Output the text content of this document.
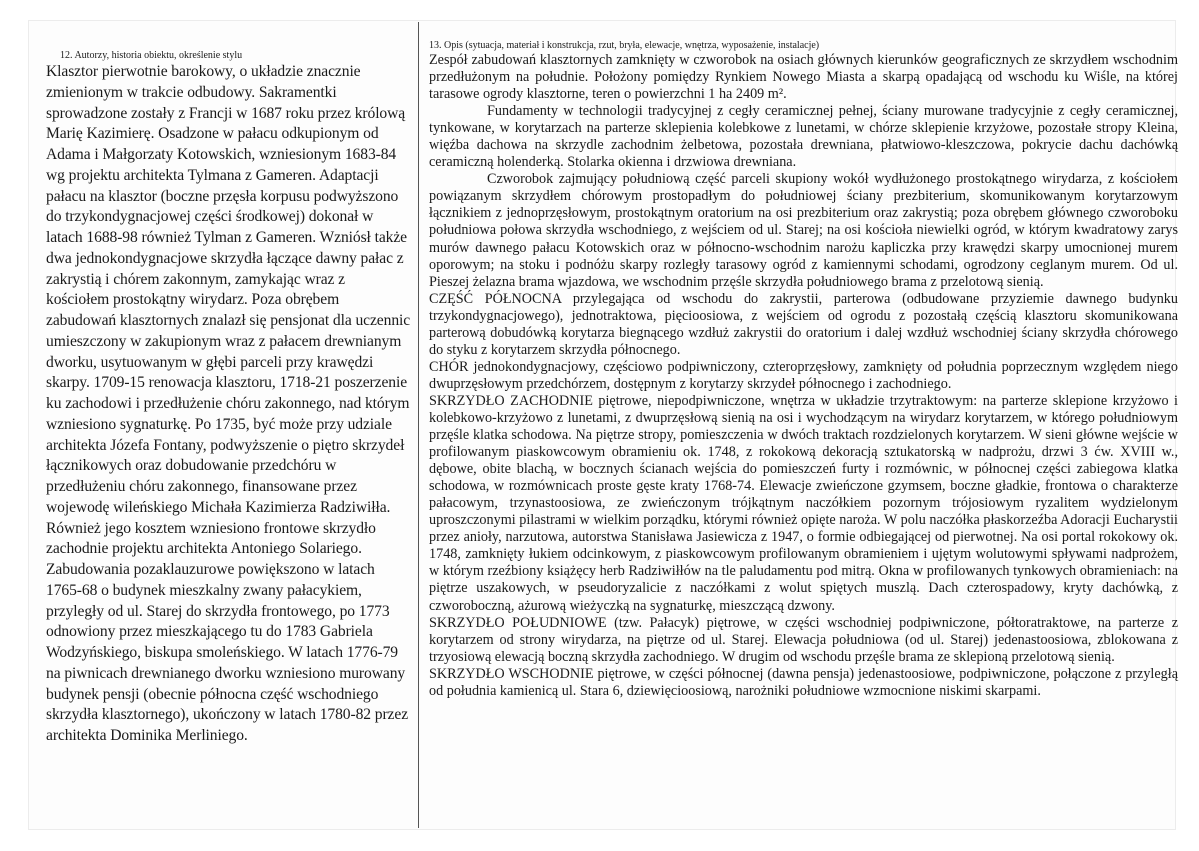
12. Autorzy, historia obiektu, określenie stylu

Klasztor pierwotnie barokowy, o układzie znacznie zmienionym w trakcie odbudowy. Sakramentki sprowadzone zostały z Francji w 1687 roku przez królową Marię Kazimierę. Osadzone w pałacu odkupionym od Adama i Małgorzaty Kotowskich, wzniesionym 1683-84 wg projektu architekta Tylmana z Gameren. Adaptacji pałacu na klasztor (boczne przęsła korpusu podwyższono do trzykondygnacjowej części środkowej) dokonał w latach 1688-98 również Tylman z Gameren. Wzniósł także dwa jednokondygnacjowe skrzydła łączące dawny pałac z zakrystią i chórem zakonnym, zamykając wraz z kościołem prostokątny wirydarz. Poza obrębem zabudowań klasztornych znalazł się pensjonat dla uczennic umieszczony w zakupionym wraz z pałacem drewnianym dworku, usytuowanym w głębi parceli przy krawędzi skarpy. 1709-15 renowacja klasztoru, 1718-21 poszerzenie ku zachodowi i przedłużenie chóru zakonnego, nad którym wzniesiono sygnaturkę. Po 1735, być może przy udziale architekta Józefa Fontany, podwyższenie o piętro skrzydeł łącznikowych oraz dobudowanie przedchóru w przedłużeniu chóru zakonnego, finansowane przez wojewodę wileńskiego Michała Kazimierza Radziwiłła. Również jego kosztem wzniesiono frontowe skrzydło zachodnie projektu architekta Antoniego Solariego. Zabudowania pozaklauzurowe powiększono w latach 1765-68 o budynek mieszkalny zwany pałacykiem, przyległy od ul. Starej do skrzydła frontowego, po 1773 odnowiony przez mieszkającego tu do 1783 Gabriela Wodzyńskiego, biskupa smoleńskiego. W latach 1776-79 na piwnicach drewnianego dworku wzniesiono murowany budynek pensji (obecnie północna część wschodniego skrzydła klasztornego), ukończony w latach 1780-82 przez architekta Dominika Merliniego.

13. Opis (sytuacja, materiał i konstrukcja, rzut, bryła, elewacje, wnętrza, wyposażenie, instalacje)

Zespół zabudowań klasztornych zamknięty w czworobok na osiach głównych kierunków geograficznych ze skrzydłem wschodnim przedłużonym na południe. Położony pomiędzy Rynkiem Nowego Miasta a skarpą opadającą od wschodu ku Wiśle, na której tarasowe ogrody klasztorne, teren o powierzchni 1 ha 2409 m².

Fundamenty w technologii tradycyjnej z cegły ceramicznej pełnej, ściany murowane tradycyjnie z cegły ceramicznej, tynkowane, w korytarzach na parterze sklepienia kolebkowe z lunetami, w chórze sklepienie krzyżowe, pozostałe stropy Kleina, więźba dachowa na skrzydle zachodnim żelbetowa, pozostała drewniana, płatwiowo-kleszczowa, pokrycie dachu dachówką ceramiczną holenderką. Stolarka okienna i drzwiowa drewniana.

Czworobok zajmujący południową część parceli skupiony wokół wydłużonego prostokątnego wirydarza, z kościołem powiązanym skrzydłem chórowym prostopadłym do południowej ściany prezbiterium, skomunikowanym korytarzowym łącznikiem z jednoprzęsłowym, prostokątnym oratorium na osi prezbiterium oraz zakrystią; poza obrębem głównego czworoboku południowa połowa skrzydła wschodniego, z wejściem od ul. Starej; na osi kościoła niewielki ogród, w którym kwadratowy zarys murów dawnego pałacu Kotowskich oraz w północno-wschodnim narożu kapliczka przy krawędzi skarpy umocnionej murem oporowym; na stoku i podnóżu skarpy rozległy tarasowy ogród z kamiennymi schodami, ogrodzony ceglanym murem. Od ul. Pieszej żelazna brama wjazdowa, we wschodnim przęśle skrzydła południowego brama z przelotową sienią.

CZĘŚĆ PÓŁNOCNA przylegająca od wschodu do zakrystii, parterowa (odbudowane przyziemie dawnego budynku trzykondygnacjowego), jednotraktowa, pięcioosiowa, z wejściem od ogrodu z pozostałą częścią klasztoru skomunikowana parterową dobudówką korytarza biegnącego wzdłuż zakrystii do oratorium i dalej wzdłuż wschodniej ściany skrzydła chórowego do styku z korytarzem skrzydła północnego.

CHÓR jednokondygnacjowy, częściowo podpiwniczony, czteroprzęsłowy, zamknięty od południa poprzecznym względem niego dwuprzęsłowym przedchórzem, dostępnym z korytarzy skrzydeł północnego i zachodniego.

SKRZYDŁO ZACHODNIE piętrowe, niepodpiwniczone, wnętrza w układzie trzytraktowym: na parterze sklepione krzyżowo i kolebkowo-krzyżowo z lunetami, z dwuprzęsłową sienią na osi i wychodzącym na wirydarz korytarzem, w którego południowym przęśle klatka schodowa. Na piętrze stropy, pomieszczenia w dwóch traktach rozdzielonych korytarzem. W sieni główne wejście w profilowanym piaskowcowym obramieniu ok. 1748, z rokokową dekoracją sztukatorską w nadprożu, drzwi 3 ćw. XVIII w., dębowe, obite blachą, w bocznych ścianach wejścia do pomieszczeń furty i rozmównic, w północnej części zabiegowa klatka schodowa, w rozmównicach proste gęste kraty 1768-74. Elewacje zwieńczone gzymsem, boczne gładkie, frontowa o charakterze pałacowym, trzynastoosiowa, ze zwieńczonym trójkątnym naczółkiem pozornym trójosiowym ryzalitem wydzielonym uproszczonymi pilastrami w wielkim porządku, którymi również opięte naroża. W polu naczółka płaskorzeźba Adoracji Eucharystii przez anioły, narzutowa, autorstwa Stanisława Jasiewicza z 1947, o formie odbiegającej od pierwotnej. Na osi portal rokokowy ok. 1748, zamknięty łukiem odcinkowym, z piaskowcowym profilowanym obramieniem i ujętym wolutowymi spływami nadprożem, w którym rzeźbiony książęcy herb Radziwiłłów na tle paludamentu pod mitrą. Okna w profilowanych tynkowych obramieniach: na piętrze uszakowych, w pseudoryzalicie z naczółkami z wolut spiętych muszlą. Dach czterospadowy, kryty dachówką, z czworoboczną, ażurową wieżyczką na sygnaturkę, mieszczącą dzwony.

SKRZYDŁO POŁUDNIOWE (tzw. Pałacyk) piętrowe, w części wschodniej podpiwniczone, półtoratraktowe, na parterze z korytarzem od strony wirydarza, na piętrze od ul. Starej. Elewacja południowa (od ul. Starej) jedenastoosiowa, zblokowana z trzyosiową elewacją boczną skrzydła zachodniego. W drugim od wschodu przęśle brama ze sklepioną przelotową sienią.

SKRZYDŁO WSCHODNIE piętrowe, w części północnej (dawna pensja) jedenastoosiowe, podpiwniczone, połączone z przyległą od południa kamienicą ul. Stara 6, dziewięcioosiową, narożniki południowe wzmocnione niskimi skarpami.
